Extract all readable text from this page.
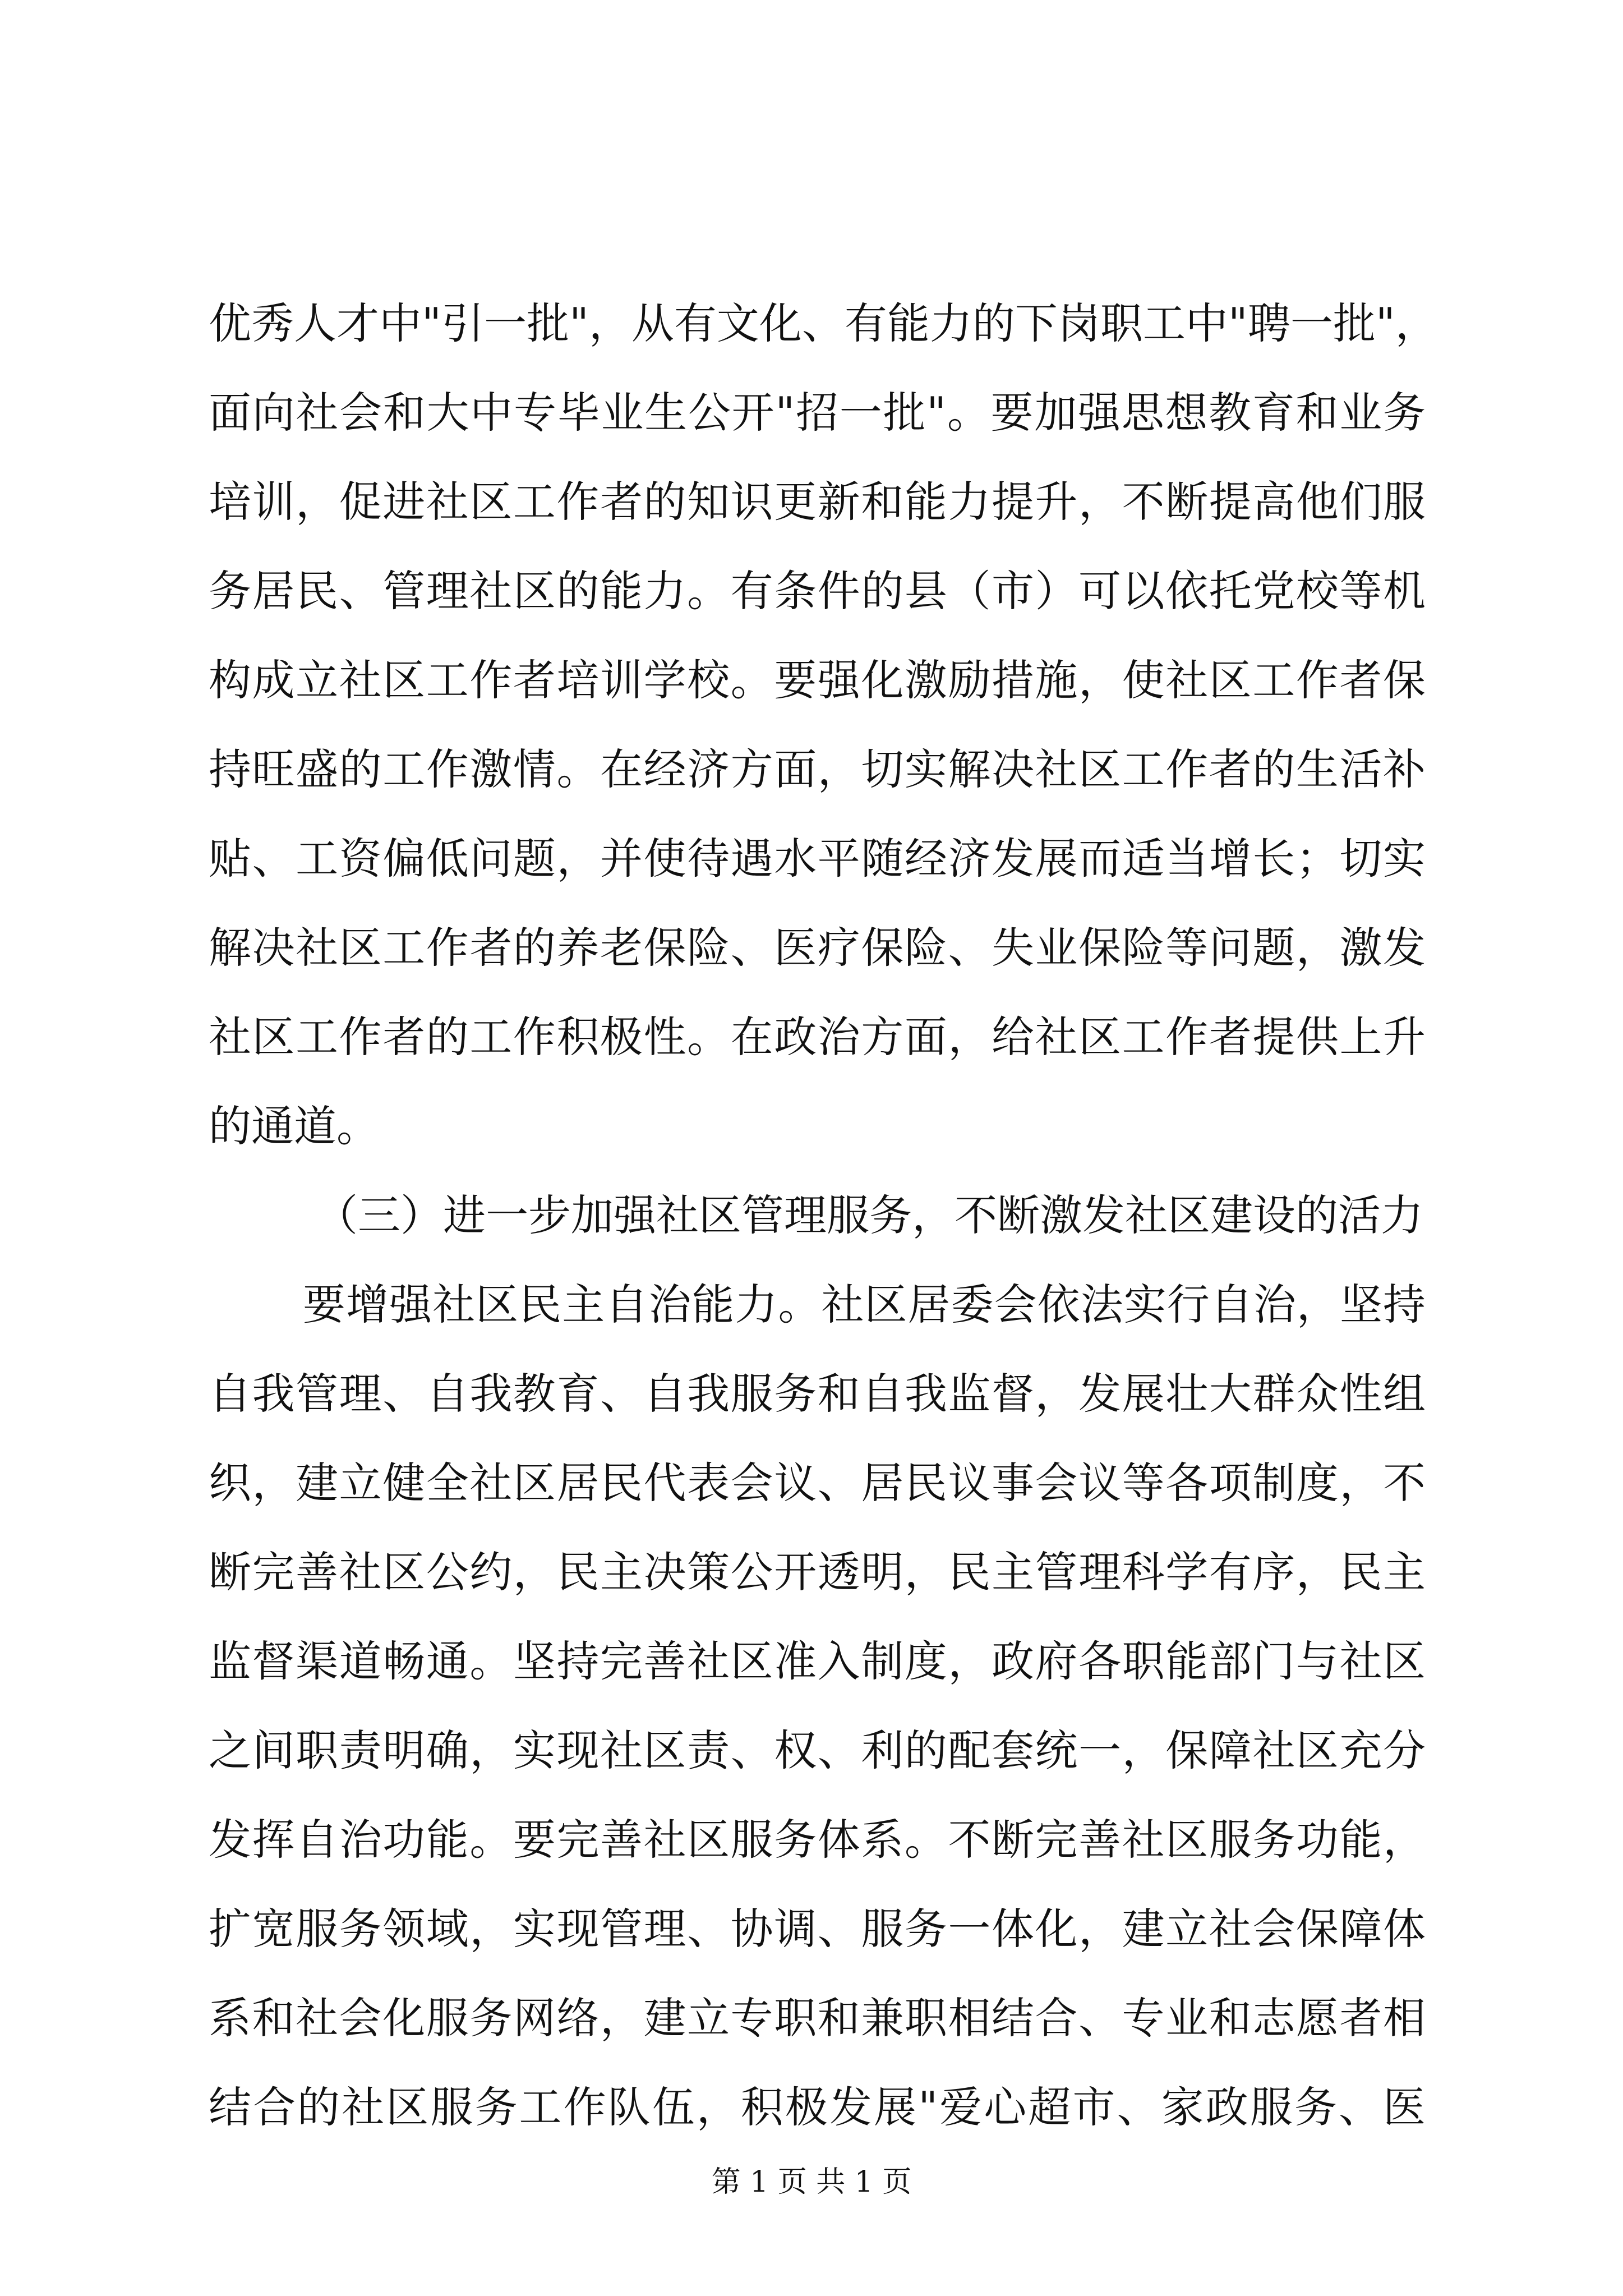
优秀人才中"引一批"，从有文化、有能力的下岗职工中"聘一批"，
面向社会和大中专毕业生公开"招一批"。要加强思想教育和业务
培训，促进社区工作者的知识更新和能力提升，不断提高他们服
务居民、管理社区的能力。有条件的县（市）可以依托党校等机
构成立社区工作者培训学校。要强化激励措施，使社区工作者保
持旺盛的工作激情。在经济方面，切实解决社区工作者的生活补
贴、工资偏低问题，并使待遇水平随经济发展而适当增长；切实
解决社区工作者的养老保险、医疗保险、失业保险等问题，激发
社区工作者的工作积极性。在政治方面，给社区工作者提供上升
的通道。
（三）进一步加强社区管理服务，不断激发社区建设的活力
要增强社区民主自治能力。社区居委会依法实行自治，坚持
自我管理、自我教育、自我服务和自我监督，发展壮大群众性组
织，建立健全社区居民代表会议、居民议事会议等各项制度，不
断完善社区公约，民主决策公开透明，民主管理科学有序，民主
监督渠道畅通。坚持完善社区准入制度，政府各职能部门与社区
之间职责明确，实现社区责、权、利的配套统一，保障社区充分
发挥自治功能。要完善社区服务体系。不断完善社区服务功能，
扩宽服务领域，实现管理、协调、服务一体化，建立社会保障体
系和社会化服务网络，建立专职和兼职相结合、专业和志愿者相
结合的社区服务工作队伍，积极发展"爱心超市、家政服务、医
第 1 页 共 1 页
